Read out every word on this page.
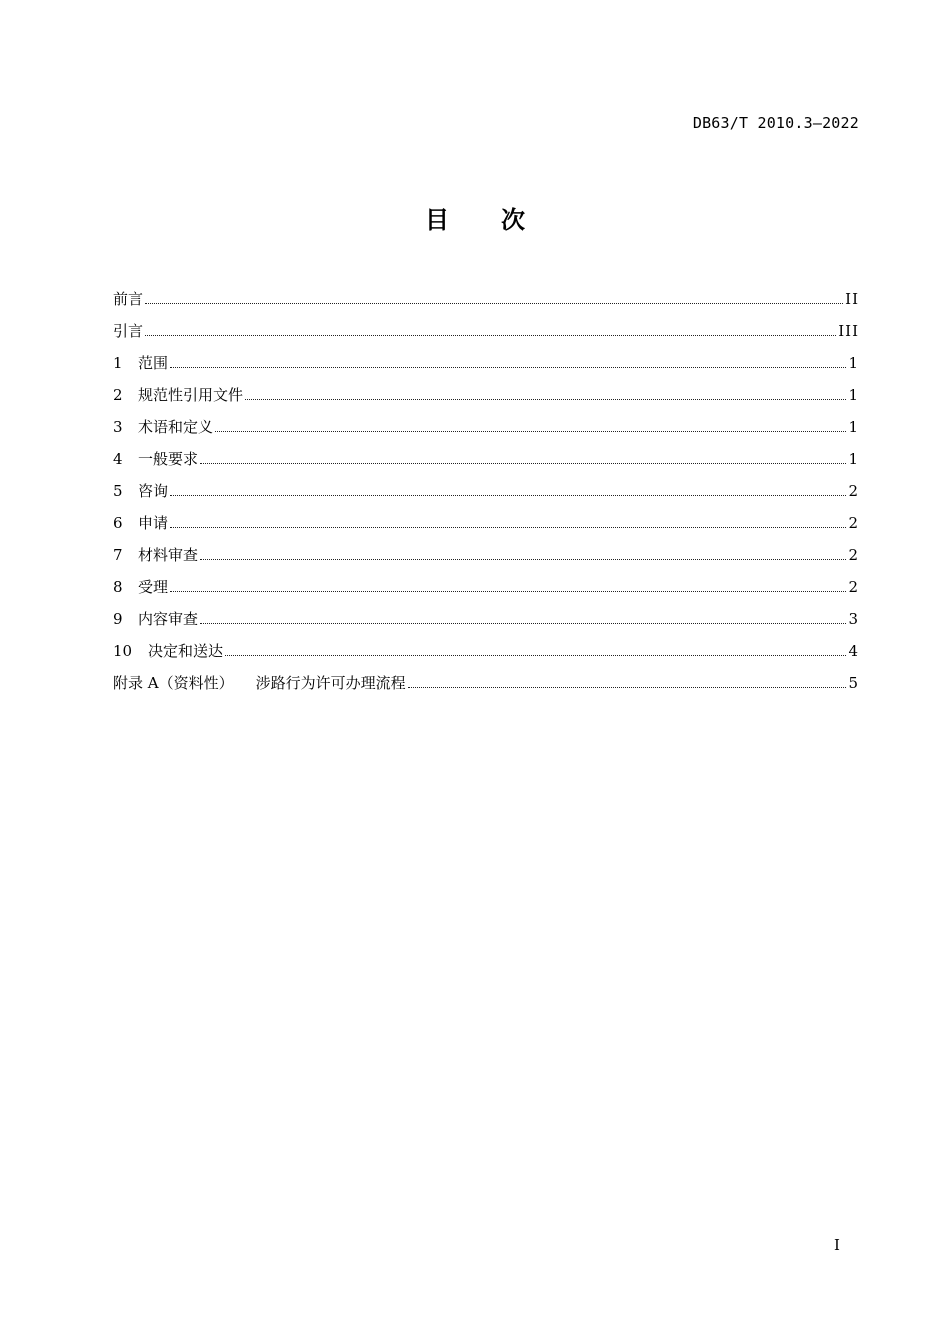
DB63/T 2010.3—2022
目 次
前言	II
引言	III
1	范围	1
2	规范性引用文件	1
3	术语和定义	1
4	一般要求	1
5	咨询	2
6	申请	2
7	材料审查	2
8	受理	2
9	内容审查	3
10	决定和送达	4
附录 A（资料性） 涉路行为许可办理流程	5
I
